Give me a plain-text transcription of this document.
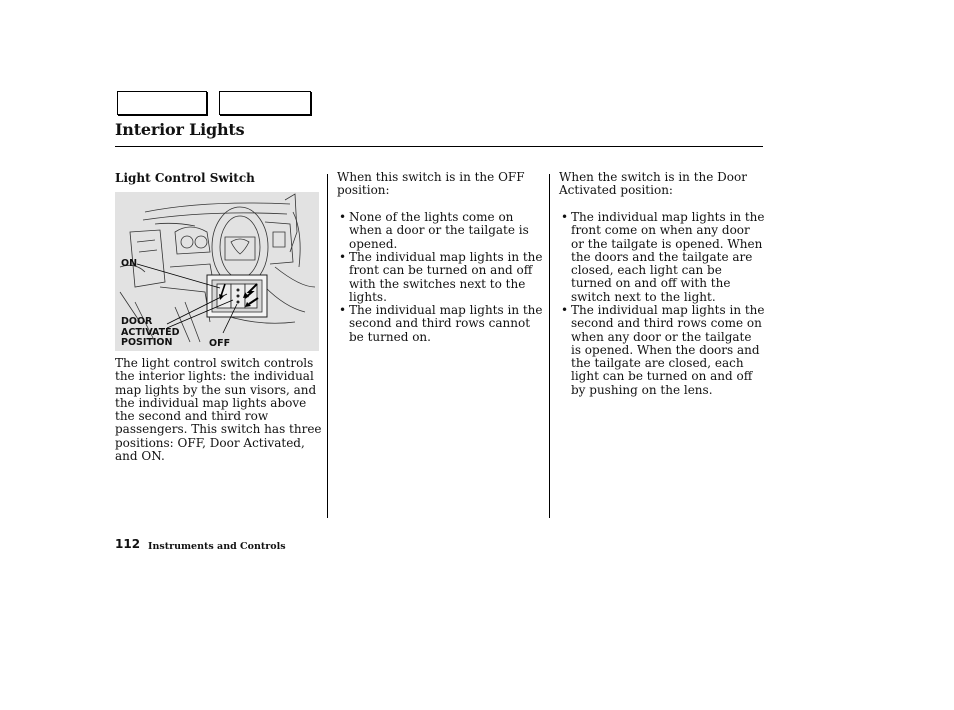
Interior Lights
Light Control Switch
ON
DOOR
ACTIVATED
POSITION	OFF
The light control switch controls the interior lights: the individual map lights by the sun visors, and the individual map lights above the second and third row passengers. This switch has three positions: OFF, Door Activated, and ON.
When this switch is in the OFF position:
• None of the lights come on when a door or the tailgate is opened.
• The individual map lights in the front can be turned on and off with the switches next to the lights.
• The individual map lights in the second and third rows cannot be turned on.
When the switch is in the Door Activated position:
• The individual map lights in the front come on when any door or the tailgate is opened. When the doors and the tailgate are closed, each light can be turned on and off with the switch next to the light.
• The individual map lights in the second and third rows come on when any door or the tailgate is opened. When the doors and the tailgate are closed, each light can be turned on and off by pushing on the lens.
112 Instruments and Controls
